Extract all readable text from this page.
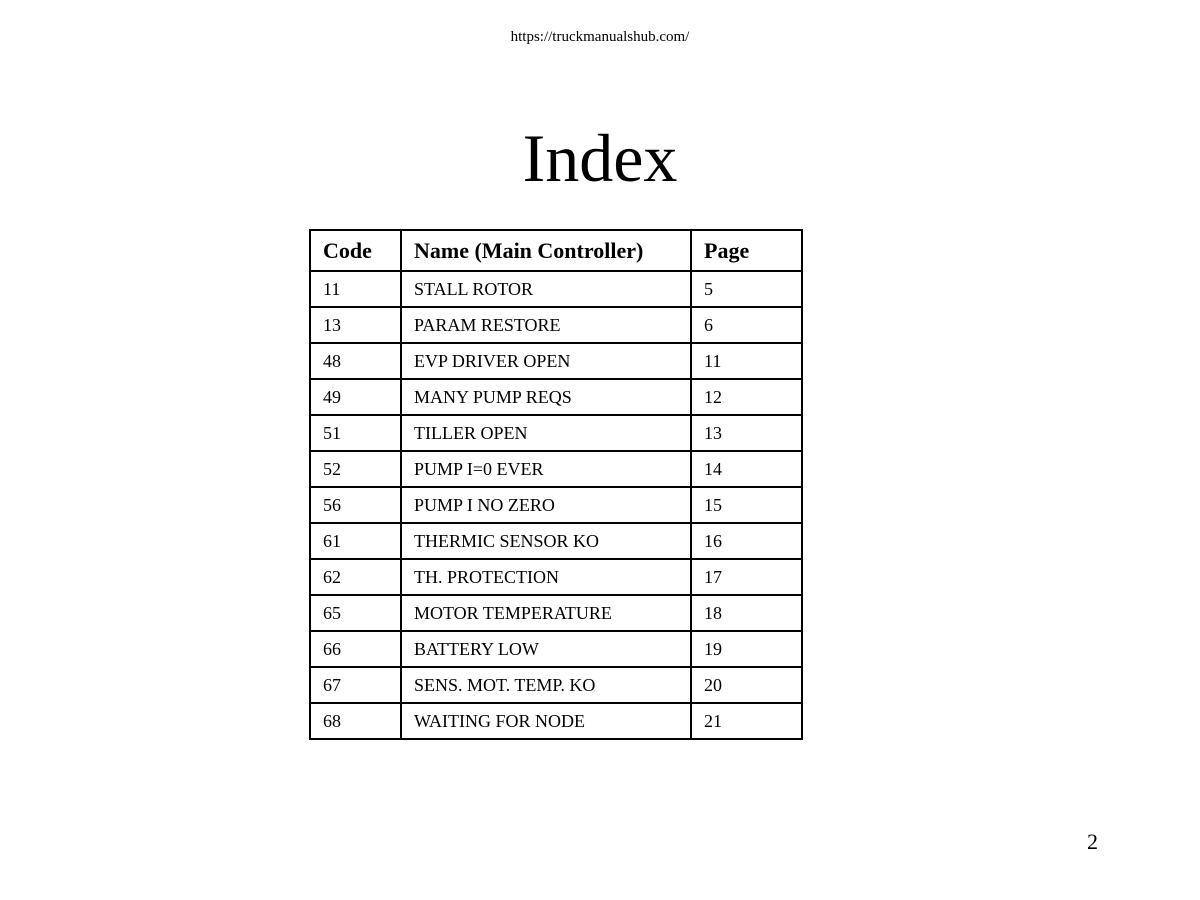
https://truckmanualshub.com/
Index
Code	Name (Main Controller)	Page
11	STALL ROTOR	5
13	PARAM RESTORE	6
48	EVP DRIVER OPEN	11
49	MANY PUMP REQS	12
51	TILLER OPEN	13
52	PUMP I=0 EVER	14
56	PUMP I NO ZERO	15
61	THERMIC SENSOR KO	16
62	TH. PROTECTION	17
65	MOTOR TEMPERATURE	18
66	BATTERY LOW	19
67	SENS. MOT. TEMP. KO	20
68	WAITING FOR NODE	21
2
